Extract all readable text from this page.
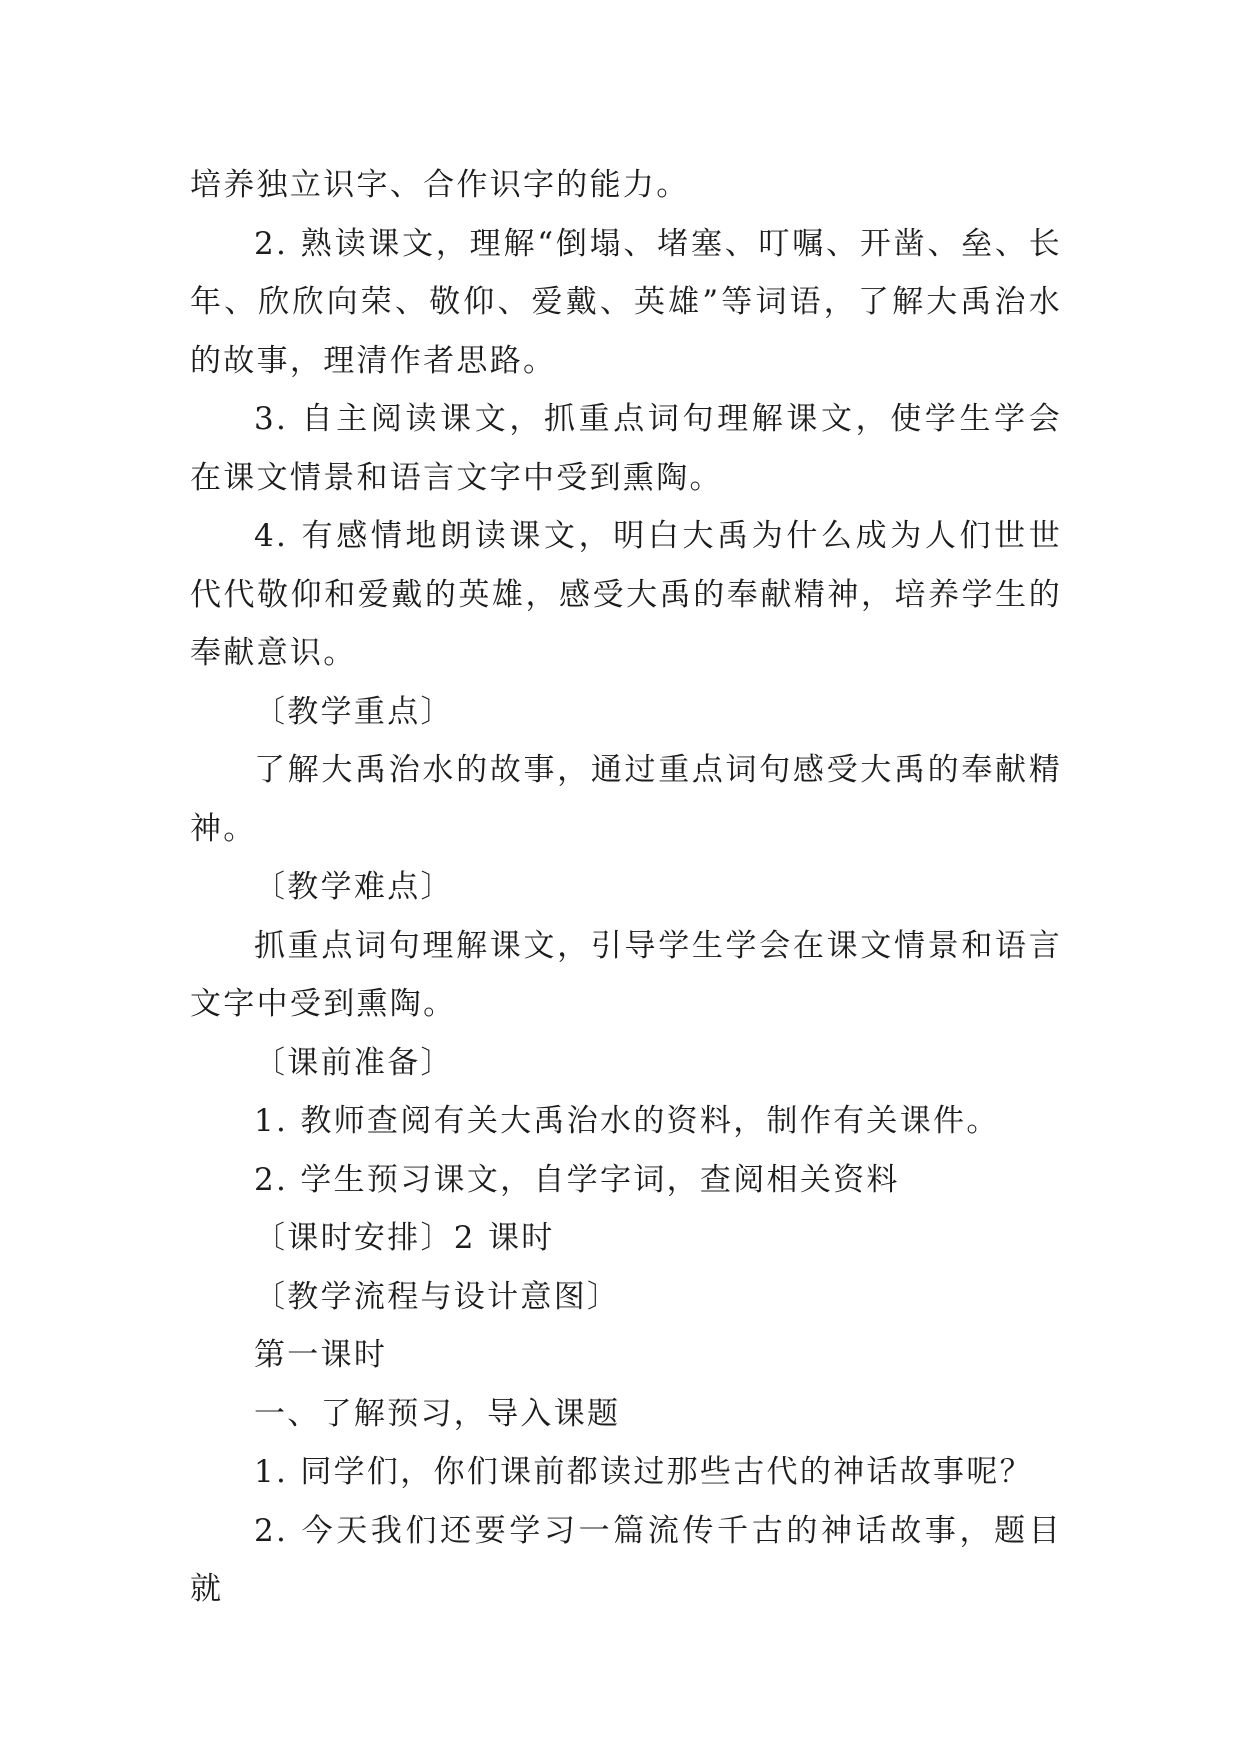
培养独立识字、合作识字的能力。

2. 熟读课文，理解“倒塌、堵塞、叮嘱、开凿、垒、长年、欣欣向荣、敬仰、爱戴、英雄”等词语，了解大禹治水的故事，理清作者思路。

3. 自主阅读课文，抓重点词句理解课文，使学生学会在课文情景和语言文字中受到熏陶。

4. 有感情地朗读课文，明白大禹为什么成为人们世世代代敬仰和爱戴的英雄，感受大禹的奉献精神，培养学生的奉献意识。

〔教学重点〕

了解大禹治水的故事，通过重点词句感受大禹的奉献精神。

〔教学难点〕

抓重点词句理解课文，引导学生学会在课文情景和语言文字中受到熏陶。

〔课前准备〕

1. 教师查阅有关大禹治水的资料，制作有关课件。

2. 学生预习课文，自学字词，查阅相关资料

〔课时安排〕2 课时

〔教学流程与设计意图〕

第一课时

一、了解预习，导入课题

1. 同学们，你们课前都读过那些古代的神话故事呢？

2. 今天我们还要学习一篇流传千古的神话故事，题目就
